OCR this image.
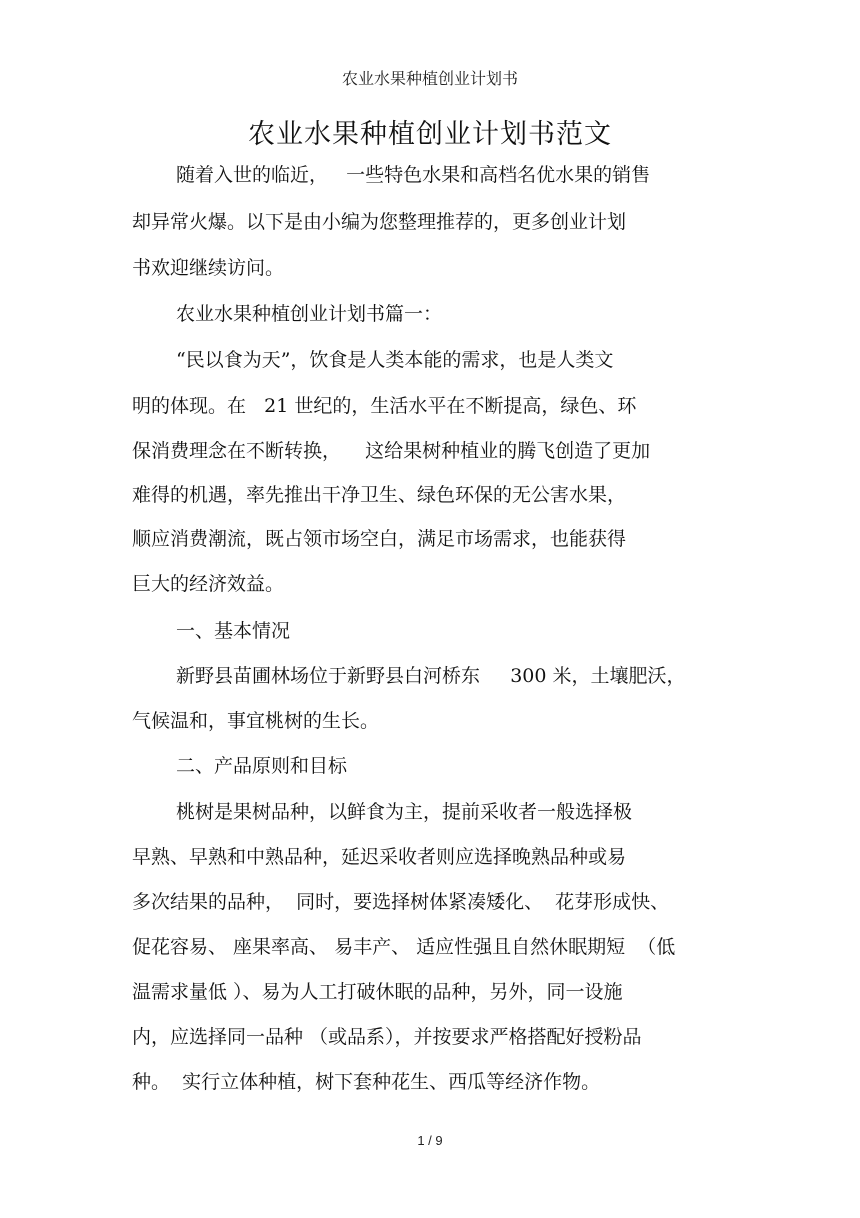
农业水果种植创业计划书
农业水果种植创业计划书范文
随着入世的临近，   一些特色水果和高档名优水果的销售
却异常火爆。以下是由小编为您整理推荐的，更多创业计划
书欢迎继续访问。
农业水果种植创业计划书篇一：
“民以食为天”，饮食是人类本能的需求，也是人类文
明的体现。在   21 世纪的，生活水平在不断提高，绿色、环
保消费理念在不断转换，    这给果树种植业的腾飞创造了更加
难得的机遇，率先推出干净卫生、绿色环保的无公害水果，
顺应消费潮流，既占领市场空白，满足市场需求，也能获得
巨大的经济效益。
一、基本情况
新野县苗圃林场位于新野县白河桥东     300 米，土壤肥沃，
气候温和，事宜桃树的生长。
二、产品原则和目标
桃树是果树品种，以鲜食为主，提前采收者一般选择极
早熟、早熟和中熟品种，延迟采收者则应选择晚熟品种或易
多次结果的品种，  同时，要选择树体紧凑矮化、  花芽形成快、
促花容易、 座果率高、 易丰产、 适应性强且自然休眠期短  （低
温需求量低 ）、易为人工打破休眠的品种，另外，同一设施
内，应选择同一品种 （或品系），并按要求严格搭配好授粉品
种。  实行立体种植，树下套种花生、西瓜等经济作物。
1 / 9
